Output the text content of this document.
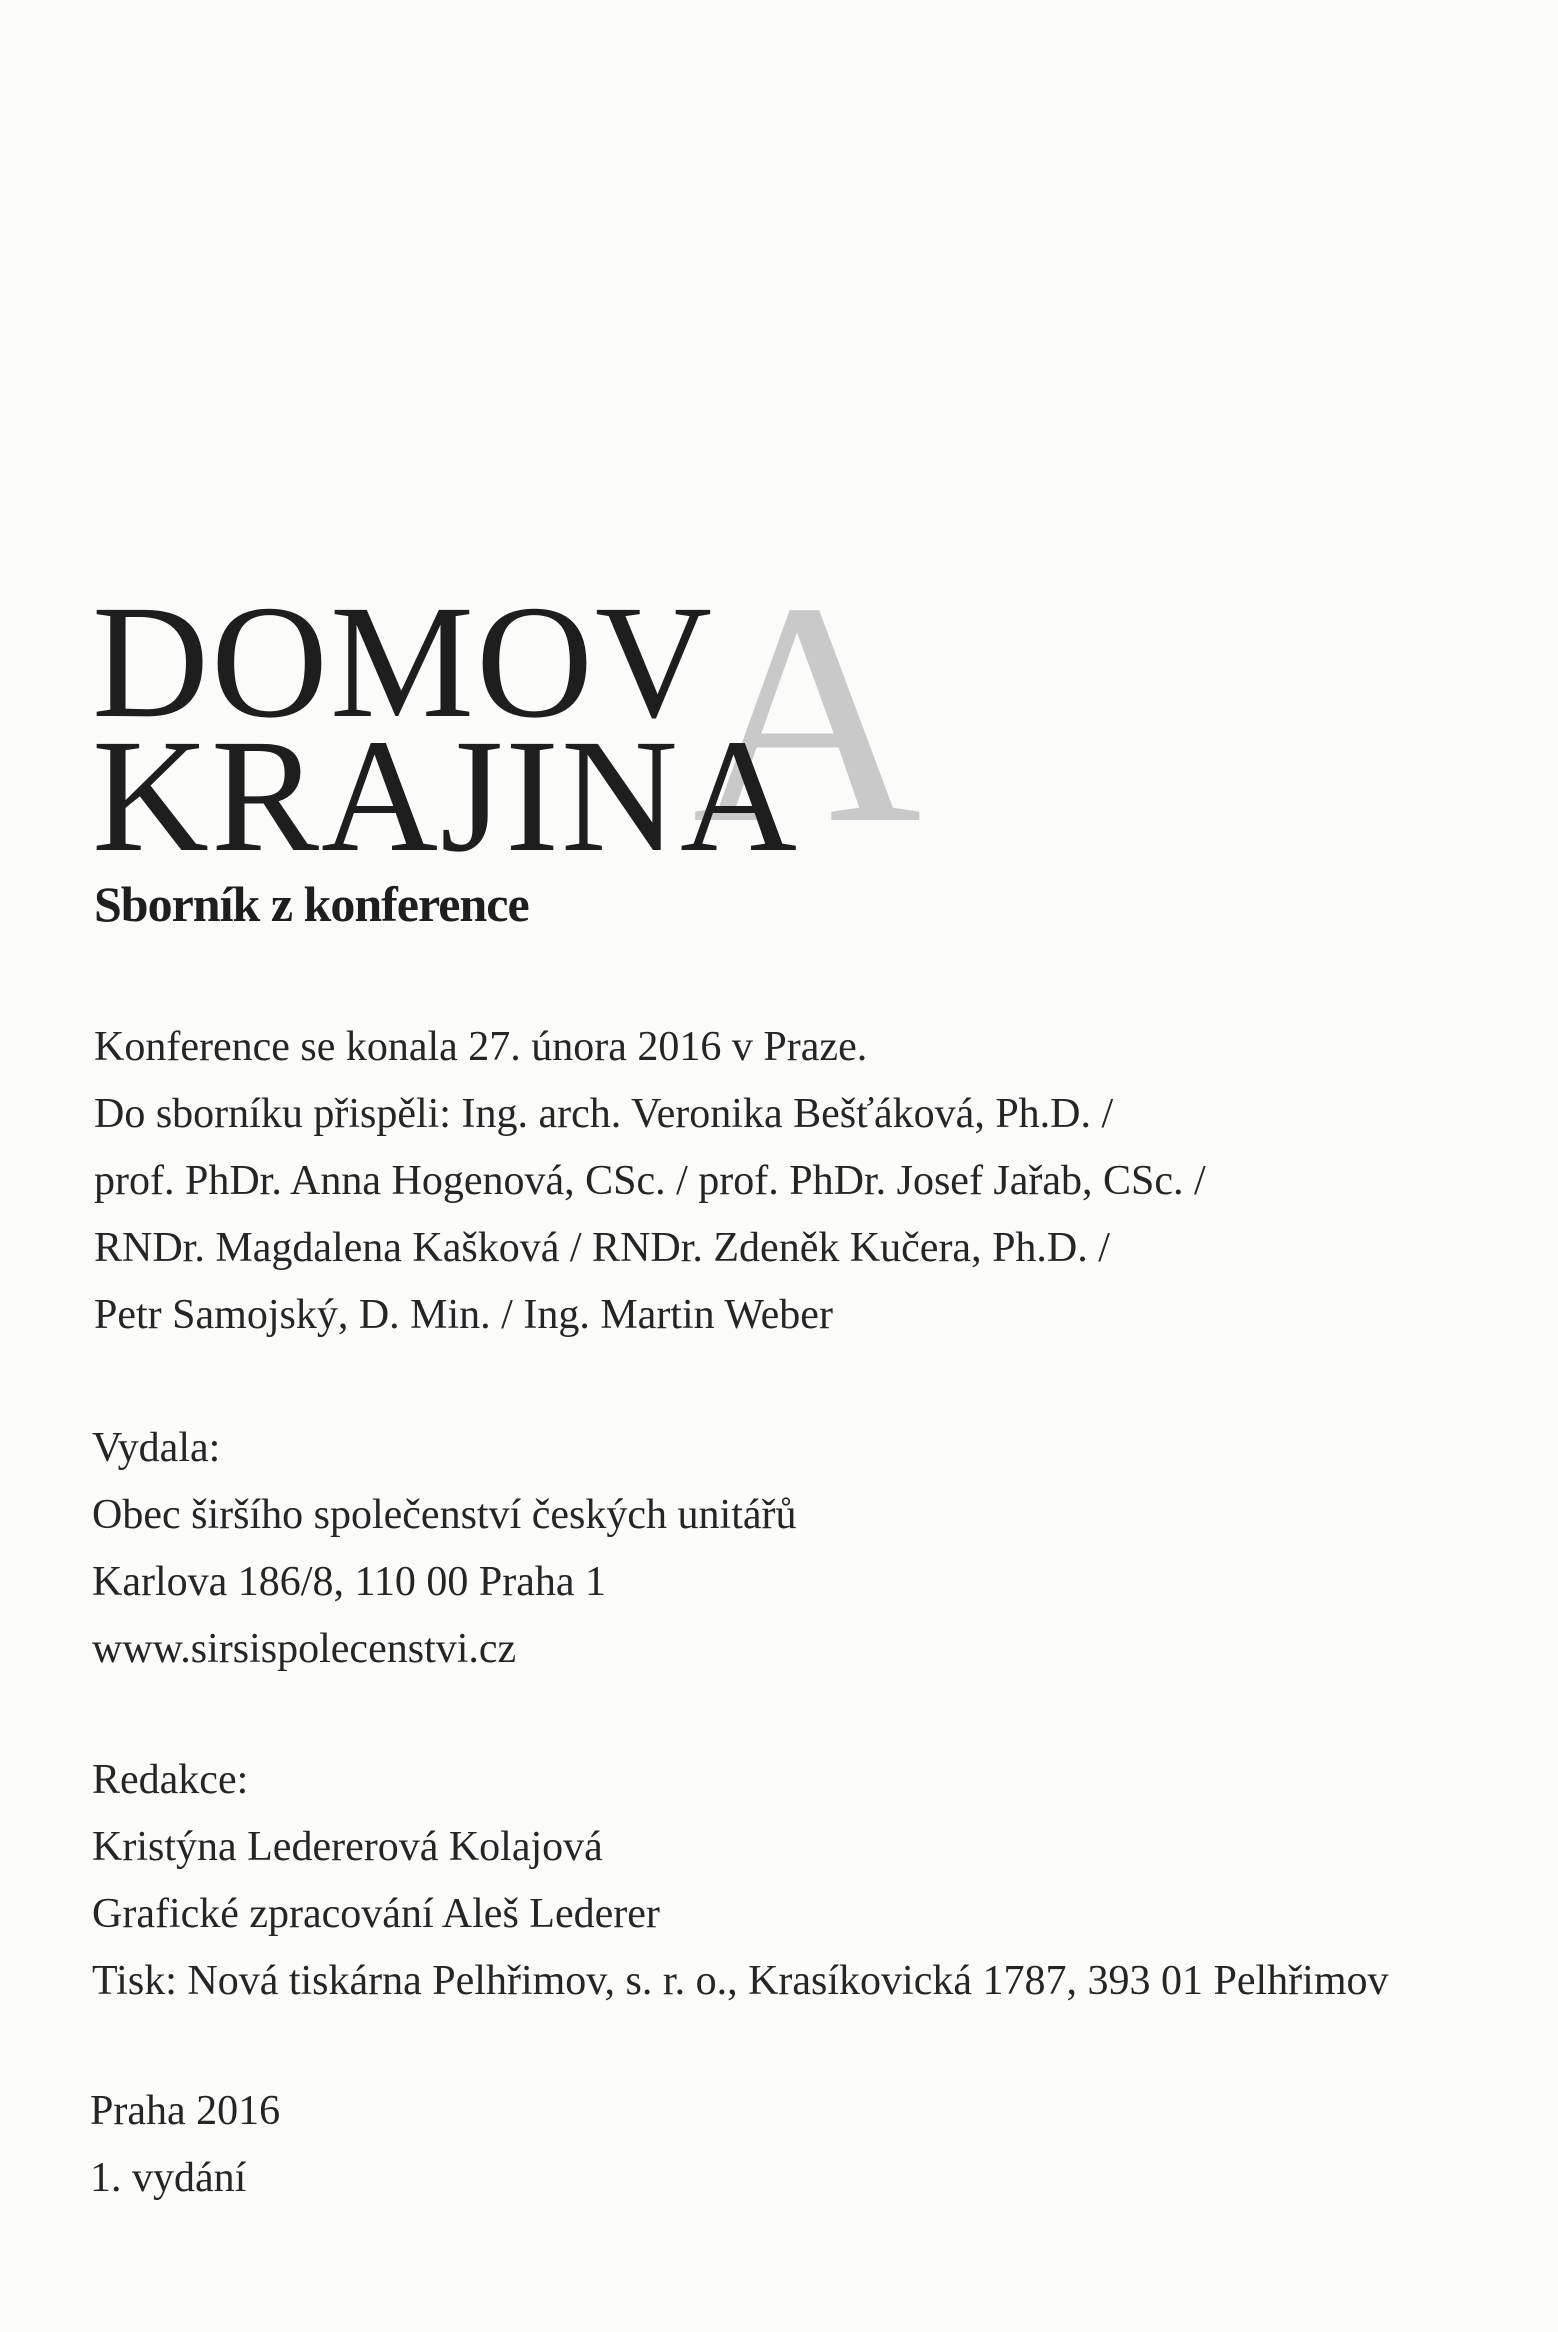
A
DOMOV
KRAJINA
Sborník z konference
Konference se konala 27. února 2016 v Praze.
Do sborníku přispěli: Ing. arch. Veronika Bešťáková, Ph.D. /
prof. PhDr. Anna Hogenová, CSc. / prof. PhDr. Josef Jařab, CSc. /
RNDr. Magdalena Kašková / RNDr. Zdeněk Kučera, Ph.D. /
Petr Samojský, D. Min. / Ing. Martin Weber
Vydala:
Obec širšího společenství českých unitářů
Karlova 186/8, 110 00 Praha 1
www.sirsispolecenstvi.cz
Redakce:
Kristýna Ledererová Kolajová
Grafické zpracování Aleš Lederer
Tisk: Nová tiskárna Pelhřimov, s. r. o., Krasíkovická 1787, 393 01 Pelhřimov
Praha 2016
1. vydání
